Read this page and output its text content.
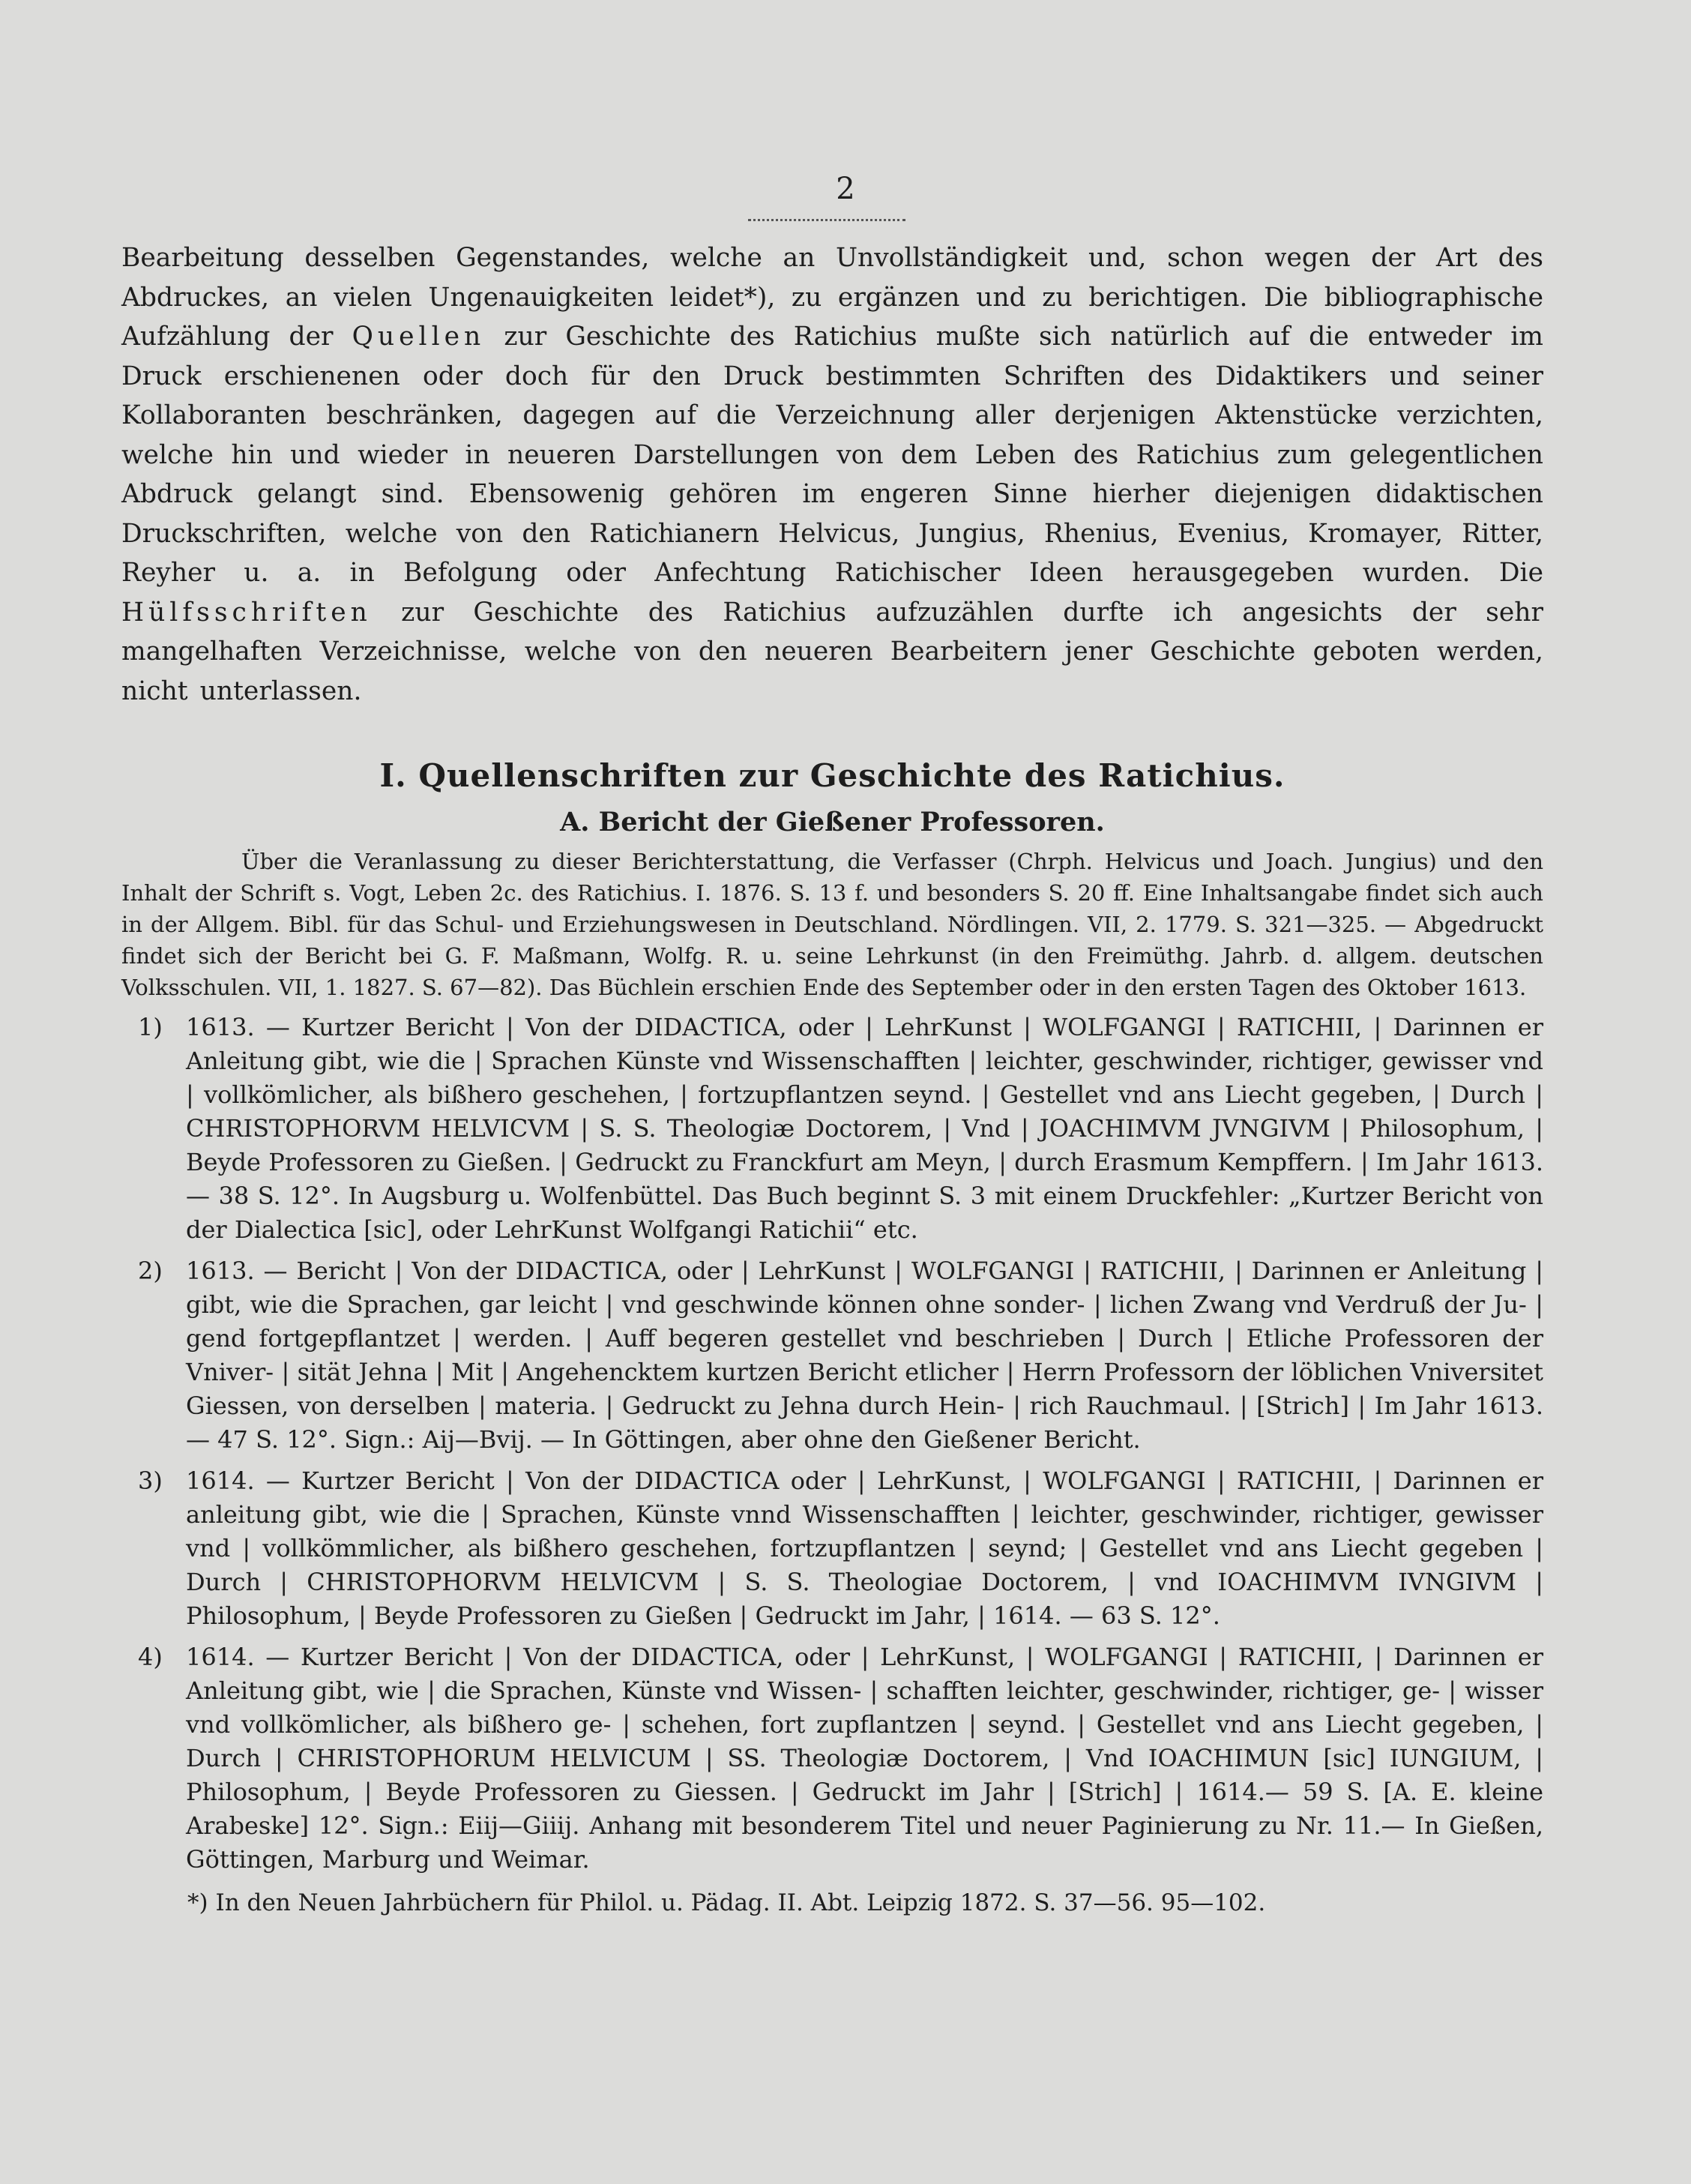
2

Bearbeitung desselben Gegenstandes, welche an Unvollständigkeit und, schon wegen der Art des Abdruckes, an vielen Ungenauigkeiten leidet*), zu ergänzen und zu berichtigen. Die bibliographische Aufzählung der Quellen zur Geschichte des Ratichius mußte sich natürlich auf die entweder im Druck erschienenen oder doch für den Druck bestimmten Schriften des Didaktikers und seiner Kollaboranten beschränken, dagegen auf die Verzeichnung aller derjenigen Aktenstücke verzichten, welche hin und wieder in neueren Darstellungen von dem Leben des Ratichius zum gelegentlichen Abdruck gelangt sind. Ebensowenig gehören im engeren Sinne hierher diejenigen didaktischen Druckschriften, welche von den Ratichianern Helvicus, Jungius, Rhenius, Evenius, Kromayer, Ritter, Reyher u. a. in Befolgung oder Anfechtung Ratichischer Ideen herausgegeben wurden. Die Hülfsschriften zur Geschichte des Ratichius aufzuzählen durfte ich angesichts der sehr mangelhaften Verzeichnisse, welche von den neueren Bearbeitern jener Geschichte geboten werden, nicht unterlassen.

I. Quellenschriften zur Geschichte des Ratichius.
A. Bericht der Gießener Professoren.

Über die Veranlassung zu dieser Berichterstattung, die Verfasser (Chrph. Helvicus und Joach. Jungius) und den Inhalt der Schrift s. Vogt, Leben 2c. des Ratichius. I. 1876. S. 13 f. und besonders S. 20 ff. Eine Inhaltsangabe findet sich auch in der Allgem. Bibl. für das Schul- und Erziehungswesen in Deutschland. Nördlingen. VII, 2. 1779. S. 321—325. — Abgedruckt findet sich der Bericht bei G. F. Maßmann, Wolfg. R. u. seine Lehrkunst (in den Freimüthg. Jahrb. d. allgem. deutschen Volksschulen. VII, 1. 1827. S. 67—82). Das Büchlein erschien Ende des September oder in den ersten Tagen des Oktober 1613.

1) 1613. — Kurtzer Bericht | Von der DIDACTICA, oder | LehrKunst | WOLFGANGI | RATICHII, | Darinnen er Anleitung gibt, wie die | Sprachen Künste vnd Wissenschafften | leichter, geschwinder, richtiger, gewisser vnd | vollkömlicher, als bißhero geschehen, | fortzupflantzen seynd. | Gestellet vnd ans Liecht gegeben, | Durch | CHRISTOPHORVM HELVICVM | S. S. Theologiæ Doctorem, | Vnd | JOACHIMVM JVNGIVM | Philosophum, | Beyde Professoren zu Gießen. | Gedruckt zu Franckfurt am Meyn, | durch Erasmum Kempffern. | Im Jahr 1613. — 38 S. 12°. In Augsburg u. Wolfenbüttel. Das Buch beginnt S. 3 mit einem Druckfehler: „Kurtzer Bericht von der Dialectica [sic], oder LehrKunst Wolfgangi Ratichii“ etc.
2) 1613. — Bericht | Von der DIDACTICA, oder | LehrKunst | WOLFGANGI | RATICHII, | Darinnen er Anleitung | gibt, wie die Sprachen, gar leicht | vnd geschwinde können ohne sonder- | lichen Zwang vnd Verdruß der Ju- | gend fortgepflantzet | werden. | Auff begeren gestellet vnd beschrieben | Durch | Etliche Professoren der Vniver- | sität Jehna | Mit | Angehencktem kurtzen Bericht etlicher | Herrn Professorn der löblichen Vniversitet Giessen, von derselben | materia. | Gedruckt zu Jehna durch Hein- | rich Rauchmaul. | [Strich] | Im Jahr 1613. — 47 S. 12°. Sign.: Aij—Bvij. — In Göttingen, aber ohne den Gießener Bericht.
3) 1614. — Kurtzer Bericht | Von der DIDACTICA oder | LehrKunst, | WOLFGANGI | RATICHII, | Darinnen er anleitung gibt, wie die | Sprachen, Künste vnnd Wissenschafften | leichter, geschwinder, richtiger, gewisser vnd | vollkömmlicher, als bißhero geschehen, fortzupflantzen | seynd; | Gestellet vnd ans Liecht gegeben | Durch | CHRISTOPHORVM HELVICVM | S. S. Theologiae Doctorem, | vnd IOACHIMVM IVNGIVM | Philosophum, | Beyde Professoren zu Gießen | Gedruckt im Jahr, | 1614. — 63 S. 12°.
4) 1614. — Kurtzer Bericht | Von der DIDACTICA, oder | LehrKunst, | WOLFGANGI | RATICHII, | Darinnen er Anleitung gibt, wie | die Sprachen, Künste vnd Wissen- | schafften leichter, geschwinder, richtiger, ge- | wisser vnd vollkömlicher, als bißhero ge- | schehen, fort zupflantzen | seynd. | Gestellet vnd ans Liecht gegeben, | Durch | CHRISTOPHORUM HELVICUM | SS. Theologiæ Doctorem, | Vnd IOACHIMUN [sic] IUNGIUM, | Philosophum, | Beyde Professoren zu Giessen. | Gedruckt im Jahr | [Strich] | 1614.— 59 S. [A. E. kleine Arabeske] 12°. Sign.: Eiij—Giiij. Anhang mit besonderem Titel und neuer Paginierung zu Nr. 11.— In Gießen, Göttingen, Marburg und Weimar.

*) In den Neuen Jahrbüchern für Philol. u. Pädag. II. Abt. Leipzig 1872. S. 37—56. 95—102.
